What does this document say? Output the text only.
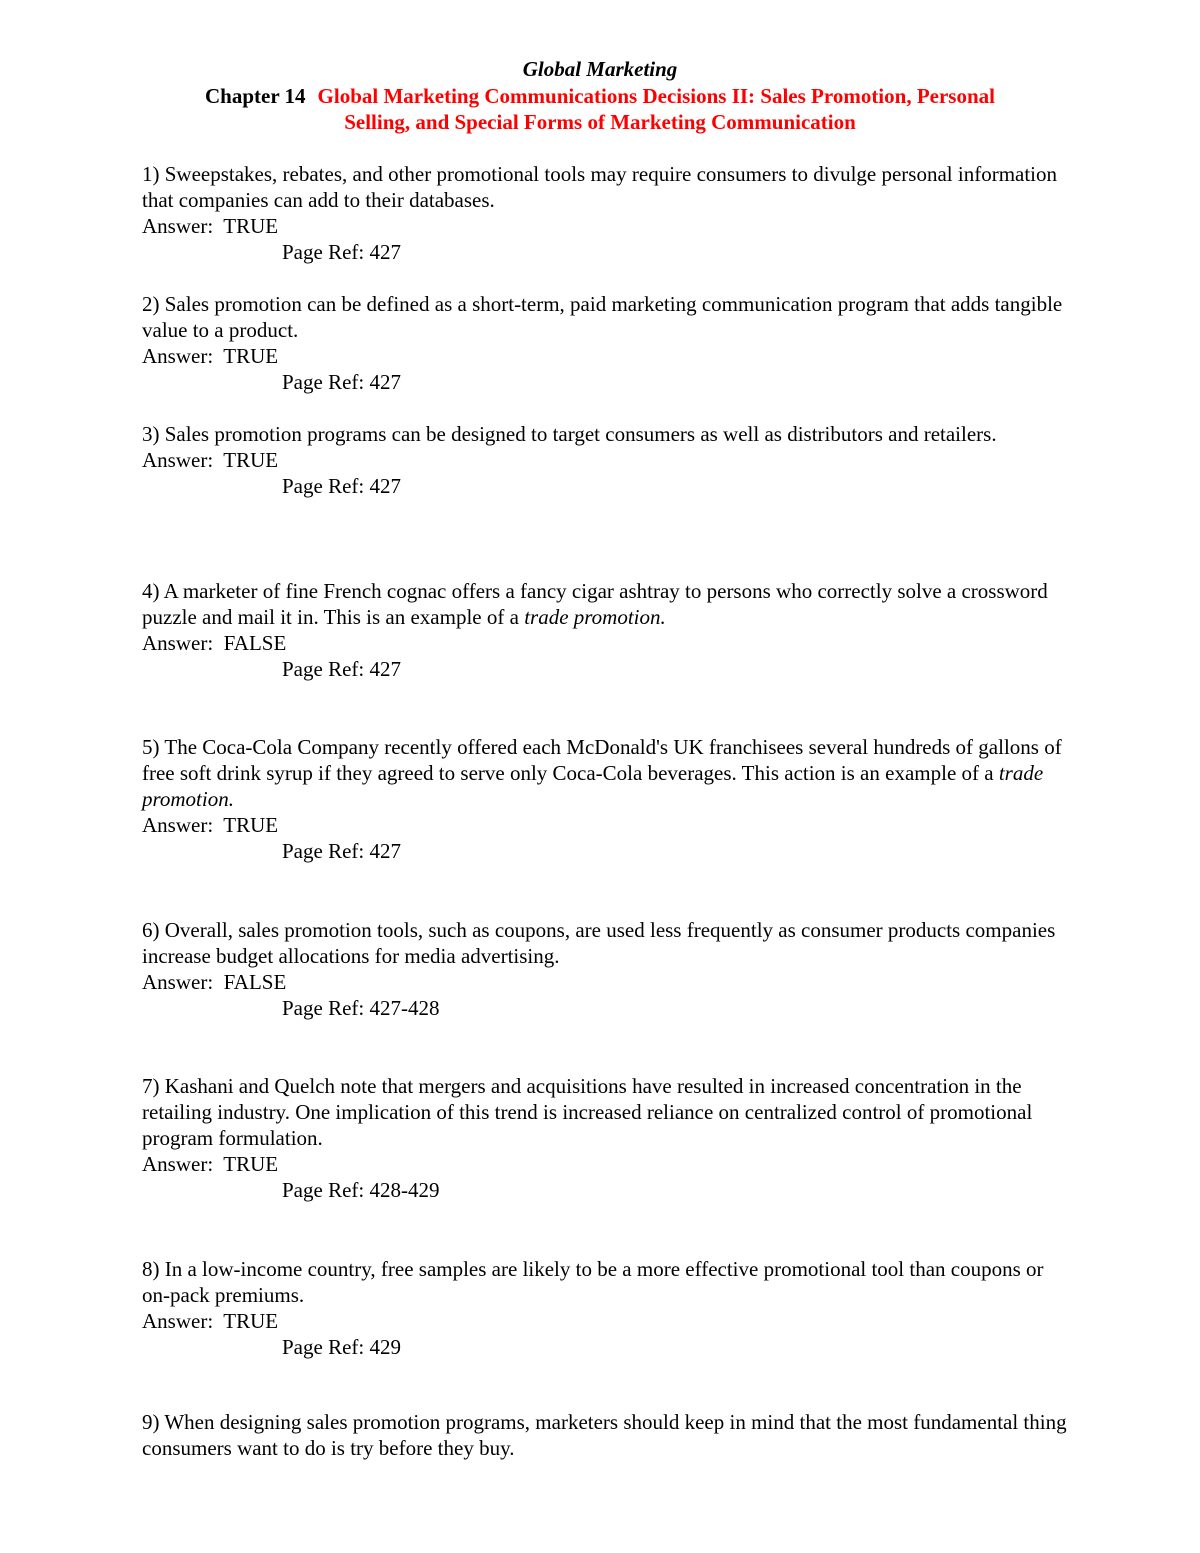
Global Marketing
Chapter 14 Global Marketing Communications Decisions II: Sales Promotion, Personal
Selling, and Special Forms of Marketing Communication

1) Sweepstakes, rebates, and other promotional tools may require consumers to divulge personal information that companies can add to their databases.

Answer:  TRUE

Page Ref: 427

2) Sales promotion can be defined as a short-term, paid marketing communication program that adds tangible value to a product.

Answer:  TRUE

Page Ref: 427

3) Sales promotion programs can be designed to target consumers as well as distributors and retailers.

Answer:  TRUE

Page Ref: 427

4) A marketer of fine French cognac offers a fancy cigar ashtray to persons who correctly solve a crossword puzzle and mail it in. This is an example of a trade promotion.

Answer:  FALSE

Page Ref: 427

5) The Coca-Cola Company recently offered each McDonald's UK franchisees several hundreds of gallons of free soft drink syrup if they agreed to serve only Coca-Cola beverages. This action is an example of a trade promotion.

Answer:  TRUE

Page Ref: 427

6) Overall, sales promotion tools, such as coupons, are used less frequently as consumer products companies increase budget allocations for media advertising.

Answer:  FALSE

Page Ref: 427-428

7) Kashani and Quelch note that mergers and acquisitions have resulted in increased concentration in the retailing industry. One implication of this trend is increased reliance on centralized control of promotional program formulation.

Answer:  TRUE

Page Ref: 428-429

8) In a low-income country, free samples are likely to be a more effective promotional tool than coupons or on-pack premiums.

Answer:  TRUE

Page Ref: 429

9) When designing sales promotion programs, marketers should keep in mind that the most fundamental thing consumers want to do is try before they buy.
